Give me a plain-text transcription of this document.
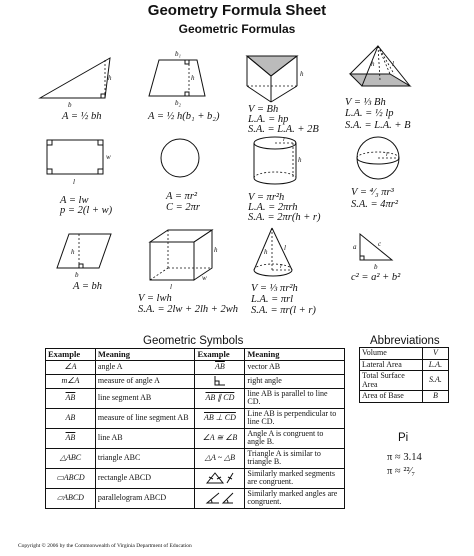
Geometry Formula Sheet
Geometric Formulas
h
b
A = ½ bh
b₁
h
b₂
A = ½ h(b₁ + b₂)
h
V = Bh
L.A. = hp
S.A. = L.A. + 2B
h	l
V = ⅓ Bh
L.A. = ½ lp
S.A. = L.A. + B
w
l
A = lw
p = 2(l + w)
A = πr²
C = 2πr
r
h
V = πr²h
L.A. = 2πrh
S.A. = 2πr(h + r)
r
V = ⁴⁄₃ πr³
S.A. = 4πr²
h
b
A = bh
h
w
l
V = lwh
S.A. = 2lw + 2lh + 2wh
h l
r
V = ⅓ πr²h
L.A. = πrl
S.A. = πr(l + r)
a	c
b
c² = a² + b²
Geometric Symbols
Example	Meaning	Example	Meaning
∠A	angle A	$\overline{AB}$	vector AB
m∠A	measure of angle A		right angle
$\overline{AB}$	line segment AB	AB ∥ CD	line AB is parallel to line CD.
AB	measure of line segment AB	AB ⊥ CD	Line AB is perpendicular to line CD.
$\overline{AB}$	line AB	∠A ≅ ∠B	Angle A is congruent to angle B.
△ABC	triangle ABC	△A ~ △B	Triangle A is similar to triangle B.
▭ABCD	rectangle ABCD		Similarly marked segments are congruent.
▱ABCD	parallelogram ABCD		Similarly marked angles are congruent.
Abbreviations
Volume	V
Lateral Area	L.A.
Total Surface Area	S.A.
Area of Base	B
Pi
π ≈ 3.14
π ≈ ²²⁄₇
Copyright © 2006 by the Commonwealth of Virginia Department of Education
